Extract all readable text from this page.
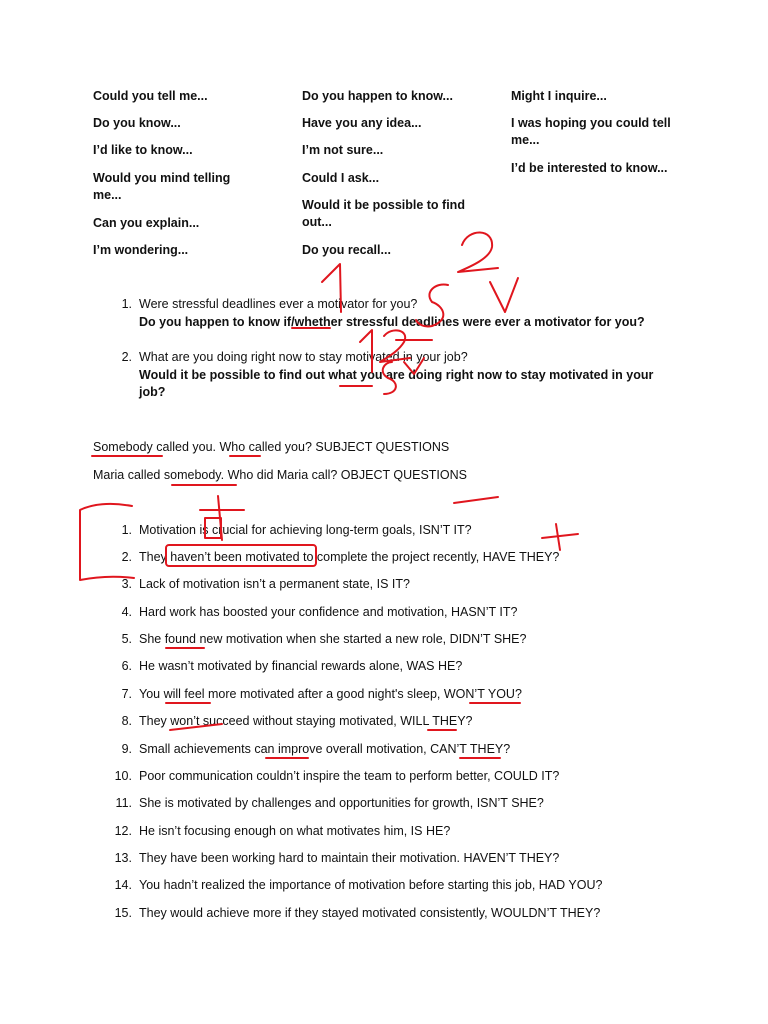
Could you tell me...

Do you know...

I’d like to know...

Would you mind telling me...

Can you explain...

I’m wondering...

Do you happen to know...

Have you any idea...

I’m not sure...

Could I ask...

Would it be possible to find out...

Do you recall...

Might I inquire...

I was hoping you could tell me...

I’d be interested to know...

1. Were stressful deadlines ever a motivator for you?
Do you happen to know if/whether stressful deadlines were ever a motivator for you?
2. What are you doing right now to stay motivated in your job?
Would it be possible to find out what you are doing right now to stay motivated in your job?
Somebody called you. Who called you? SUBJECT QUESTIONS
Maria called somebody. Who did Maria call? OBJECT QUESTIONS
1. Motivation is crucial for achieving long-term goals, ISN’T IT?
2. They haven’t been motivated to complete the project recently, HAVE THEY?
3. Lack of motivation isn’t a permanent state, IS IT?
4. Hard work has boosted your confidence and motivation, HASN’T IT?
5. She found new motivation when she started a new role, DIDN’T SHE?
6. He wasn’t motivated by financial rewards alone, WAS HE?
7. You will feel more motivated after a good night's sleep, WON’T YOU?
8. They won’t succeed without staying motivated, WILL THEY?
9. Small achievements can improve overall motivation, CAN’T THEY?
10. Poor communication couldn’t inspire the team to perform better, COULD IT?
11. She is motivated by challenges and opportunities for growth, ISN’T SHE?
12. He isn’t focusing enough on what motivates him, IS HE?
13. They have been working hard to maintain their motivation. HAVEN’T THEY?
14. You hadn’t realized the importance of motivation before starting this job, HAD YOU?
15. They would achieve more if they stayed motivated consistently, WOULDN’T THEY?
